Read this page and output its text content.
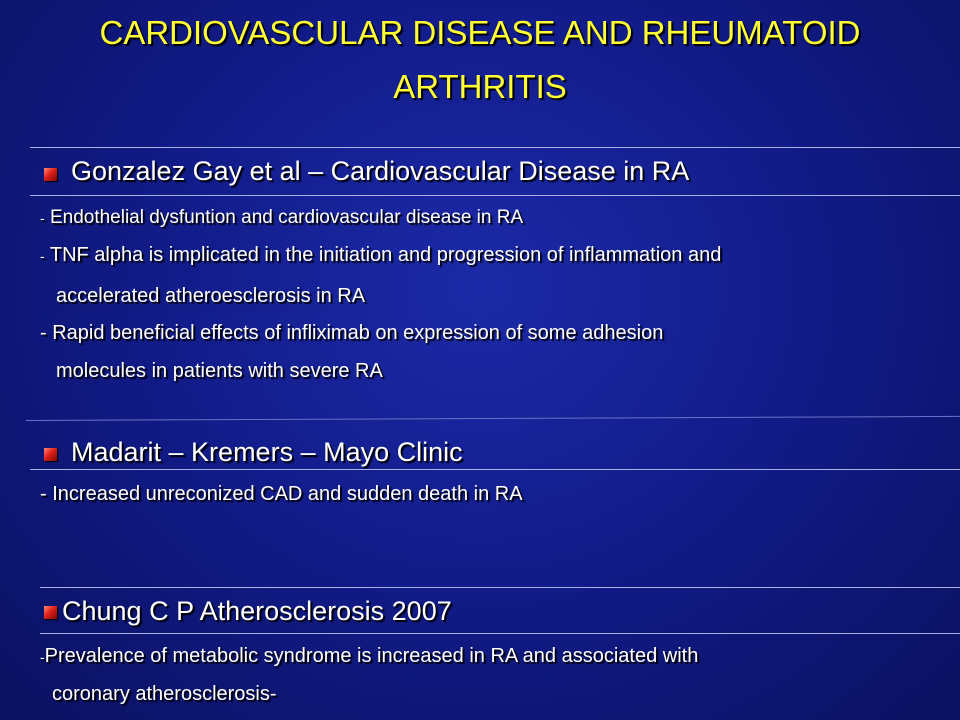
CARDIOVASCULAR DISEASE AND RHEUMATOID
ARTHRITIS
Gonzalez Gay et al – Cardiovascular Disease in RA
- Endothelial dysfuntion and cardiovascular disease in RA
- TNF alpha is implicated in the initiation and progression of inflammation and
accelerated atheroesclerosis in RA
- Rapid beneficial effects of infliximab on expression of some adhesion
molecules in patients with severe RA
Madarit – Kremers – Mayo Clinic
- Increased unreconized CAD and sudden death in RA
Chung C P Atherosclerosis 2007
-Prevalence of metabolic syndrome is increased in RA and associated with
coronary atherosclerosis-
